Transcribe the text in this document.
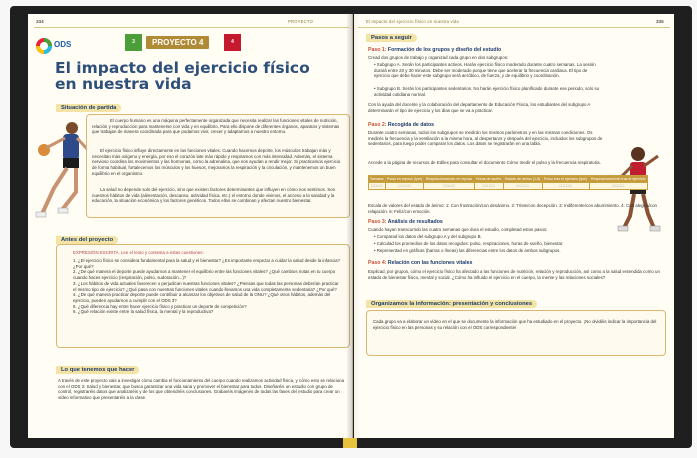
334	PROYECTO
ODS	3	PROYECTO 4	4
El impacto del ejercicio físico
en nuestra vida
Situación de partida
El cuerpo humano es una máquina perfectamente organizada que necesita realizar las funciones vitales de nutrición, relación y reproducción para mantenerse con vida y en equilibrio. Para ello dispone de diferentes órganos, aparatos y sistemas que trabajan de manera coordinada para que podamos vivir, crecer y adaptarnos a nuestro entorno.
El ejercicio físico influye directamente en las funciones vitales. Cuando hacemos deporte, los músculos trabajan más y necesitan más oxígeno y energía, por eso el corazón late más rápido y respiramos con más intensidad. Además, el sistema nervioso coordina los movimientos y las hormonas, como la adrenalina, que nos ayudan a rendir mejor. Si practicamos ejercicio de forma habitual, fortalecemos los músculos y los huesos, mejoramos la respiración y la circulación, y mantenemos un buen equilibrio en el organismo.
La salud no depende solo del ejercicio, sino que existen factores determinantes que influyen en cómo nos sentimos. Son nuestros hábitos de vida (alimentación, descanso, actividad física, etc.) el entorno donde vivimos, el acceso a la sanidad y la educación, la situación económica y los factores genéticos. Todos ellos se combinan y afectan nuestro bienestar.
Antes del proyecto
EXPRESIÓN ESCRITA. Lee el texto y contesta a estas cuestiones:
1. ¿El ejercicio físico se considera fundamental para la salud y el bienestar? ¿Es importante empezar a cuidar la salud desde la infancia? ¿Por qué?
2. ¿De qué manera el deporte puede ayudarnos a mantener el equilibrio entre las funciones vitales? ¿Qué cambios notas en tu cuerpo cuando haces ejercicio (respiración, pulso, sudoración...)?
3. ¿Los hábitos de vida actuales favorecen o perjudican nuestras funciones vitales? ¿Piensas que todas las personas deberían practicar el mismo tipo de ejercicio? ¿Qué pasa con nuestras funciones vitales cuando llevamos una vida completamente sedentaria? ¿Por qué?
4. ¿De qué manera practicar deporte puede contribuir a alcanzar los objetivos de salud de la ONU? ¿Qué otros hábitos, además del ejercicio, pueden ayudarnos a cumplir con el ODS 3?
5. ¿Qué diferencia hay entre hacer ejercicio físico y practicar un deporte de competición?
6. ¿Qué relación existe entre la salud física, la mental y la reproductiva?
Lo que tenemos que hacer
A través de este proyecto vais a investigar cómo cambia el funcionamiento del cuerpo cuando realizamos actividad física, y cómo esto se relaciona con el ODS 3: Salud y bienestar, que busca garantizar una vida sana y promover el bienestar para todos. Diseñaréis un estudio con grupo de control, registraréis datos que analizaréis y de los que obtendréis conclusiones. Grabaréis imágenes de todas las fases del estudio para crear un vídeo informativo que presentaréis a la clase.
El impacto del ejercicio físico en nuestra vida	335
Pasos a seguir
Paso 1: Formación de los grupos y diseño del estudio
Cread dos grupos de trabajo y organizad cada grupo en dos subgrupos:
• Subgrupo A. Serán los participantes activos. Harán ejercicio físico moderado durante cuatro semanas. La sesión durará entre 20 y 30 minutos. Debe ser moderado porque tiene que acelerar la frecuencia cardiaca. El tipo de ejercicio que debe hacer este subgrupo será aeróbico, de fuerza, y de equilibrio y coordinación.
• Subgrupo B. Serán los participantes sedentarios. No harán ejercicio físico planificado durante ese periodo, solo su actividad cotidiana normal.
Con la ayuda del docente y la colaboración del departamento de Educación Física, los estudiantes del subgrupo A determinarán el tipo de ejercicio y los días que se va a practicar.
Paso 2: Recogida de datos
Durante cuatro semanas, todos los subgrupos se medirán los mismos parámetros y en las mismas condiciones. Os medirés la frecuencia y la ventilación a la misma hora, al despertaros y después del ejercicio, incluidos los subgrupos de sedentarios, para luego poder comparar los datos. Los datos se registrarán en una tabla.
Accede a la página de recursos de Edilex para consultar el documento Cómo medir el pulso y la frecuencia respiratoria.
Semana	Pulso en reposo (lpm)	Respiraciones/min en reposo	Horas de sueño	Estado de ánimo (1-5)	Pulso tras el ejercicio (lpm)	Respiraciones/min tras el ejercicio
□ □ □ □	□ □ □ □	□ □ □ □	□ □ □ □	□ □ □ □	□ □ □ □	□ □ □ □
Escala de valores del estado de ánimo: 1: Con frustración/con desánimo. 2: Triste/con decepción. 3: Indiferente/con aburrimiento. 4: Con alegría/con relajación. 5: Feliz/con emoción.
Paso 3: Análisis de resultados
Cuando hayan transcurrido las cuatro semanas que dura el estudio, completad estos pasos:
• Comparad los datos del subgrupo A y del subgrupo B.
• Calculad los promedios de los datos recogidos: pulso, respiraciones, horas de sueño, bienestar.
• Representad en gráficas (barras o líneas) las diferencias entre los datos de ambos subgrupos.
Paso 4: Relación con las funciones vitales
Explicad, por grupos, cómo el ejercicio físico ha afectado a las funciones de nutrición, relación y reproducción, así como a la salud entendida como un estado de bienestar físico, mental y social. ¿Cómo ha influido el ejercicio en el cuerpo, la mente y las relaciones sociales?
Organizamos la información: presentación y conclusiones
Cada grupo va a elaborar un vídeo en el que se documente la información que ha estudiado en el proyecto. ¡No olvidéis indicar la importancia del ejercicio físico en las personas y su relación con el ODS correspondiente!
